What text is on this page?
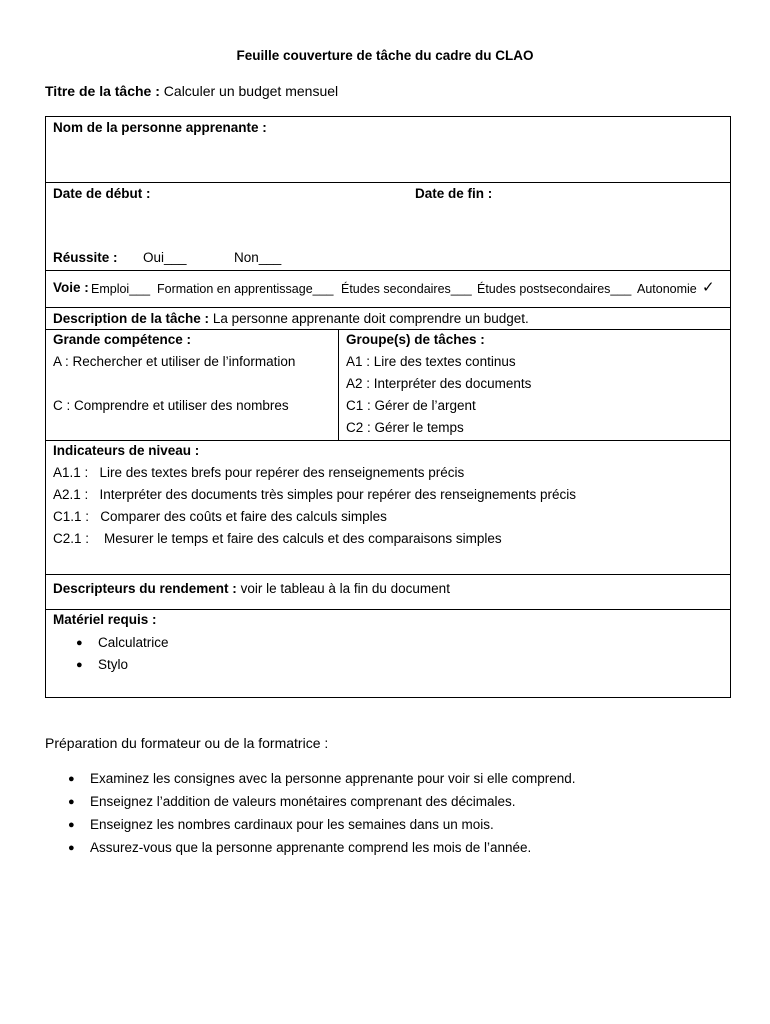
Feuille couverture de tâche du cadre du CLAO
Titre de la tâche : Calculer un budget mensuel
Nom de la personne apprenante :
Date de début :	Date de fin :
Réussite : Oui___	Non___
Voie : Emploi___ Formation en apprentissage___ Études secondaires___ Études postsecondaires___ Autonomie ✓
Description de la tâche : La personne apprenante doit comprendre un budget.
Grande compétence :
A : Rechercher et utiliser de l’information
C : Comprendre et utiliser des nombres
Groupe(s) de tâches :
A1 : Lire des textes continus
A2 : Interpréter des documents
C1 : Gérer de l’argent
C2 : Gérer le temps
Indicateurs de niveau :
A1.1 :   Lire des textes brefs pour repérer des renseignements précis
A2.1 :   Interpréter des documents très simples pour repérer des renseignements précis
C1.1 :   Comparer des coûts et faire des calculs simples
C2.1 :    Mesurer le temps et faire des calculs et des comparaisons simples
Descripteurs du rendement : voir le tableau à la fin du document
Matériel requis :
● Calculatrice
● Stylo
Préparation du formateur ou de la formatrice :
● Examinez les consignes avec la personne apprenante pour voir si elle comprend.
● Enseignez l’addition de valeurs monétaires comprenant des décimales.
● Enseignez les nombres cardinaux pour les semaines dans un mois.
● Assurez-vous que la personne apprenante comprend les mois de l’année.
